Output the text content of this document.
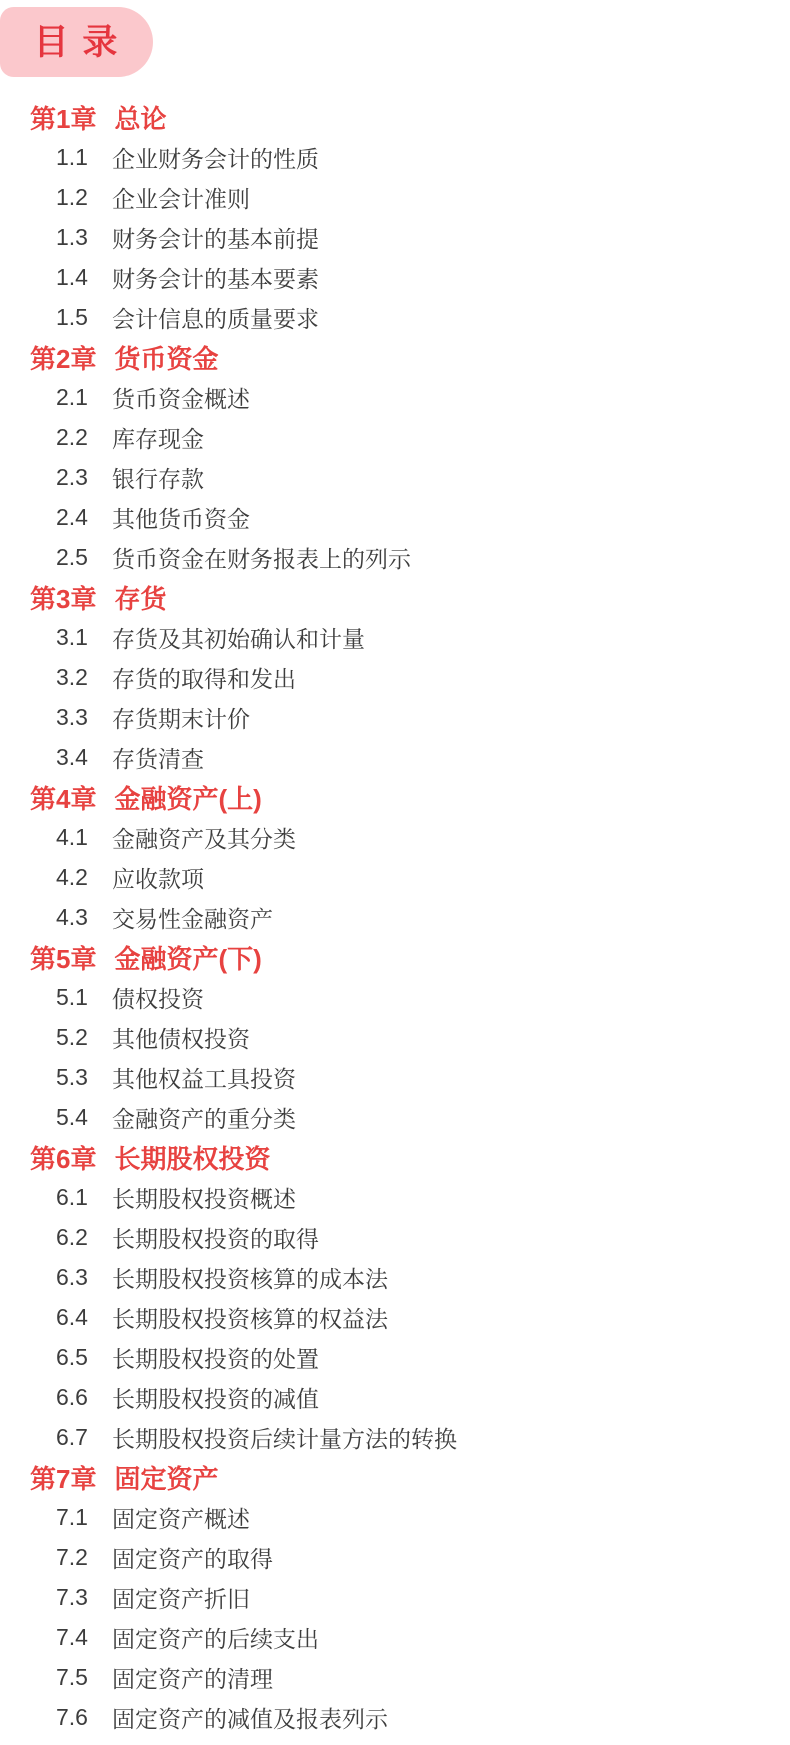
目 录
第1章 总论
1.1 企业财务会计的性质
1.2 企业会计准则
1.3 财务会计的基本前提
1.4 财务会计的基本要素
1.5 会计信息的质量要求
第2章 货币资金
2.1 货币资金概述
2.2 库存现金
2.3 银行存款
2.4 其他货币资金
2.5 货币资金在财务报表上的列示
第3章 存货
3.1 存货及其初始确认和计量
3.2 存货的取得和发出
3.3 存货期末计价
3.4 存货清查
第4章 金融资产(上)
4.1 金融资产及其分类
4.2 应收款项
4.3 交易性金融资产
第5章 金融资产(下)
5.1 债权投资
5.2 其他债权投资
5.3 其他权益工具投资
5.4 金融资产的重分类
第6章 长期股权投资
6.1 长期股权投资概述
6.2 长期股权投资的取得
6.3 长期股权投资核算的成本法
6.4 长期股权投资核算的权益法
6.5 长期股权投资的处置
6.6 长期股权投资的减值
6.7 长期股权投资后续计量方法的转换
第7章 固定资产
7.1 固定资产概述
7.2 固定资产的取得
7.3 固定资产折旧
7.4 固定资产的后续支出
7.5 固定资产的清理
7.6 固定资产的减值及报表列示
